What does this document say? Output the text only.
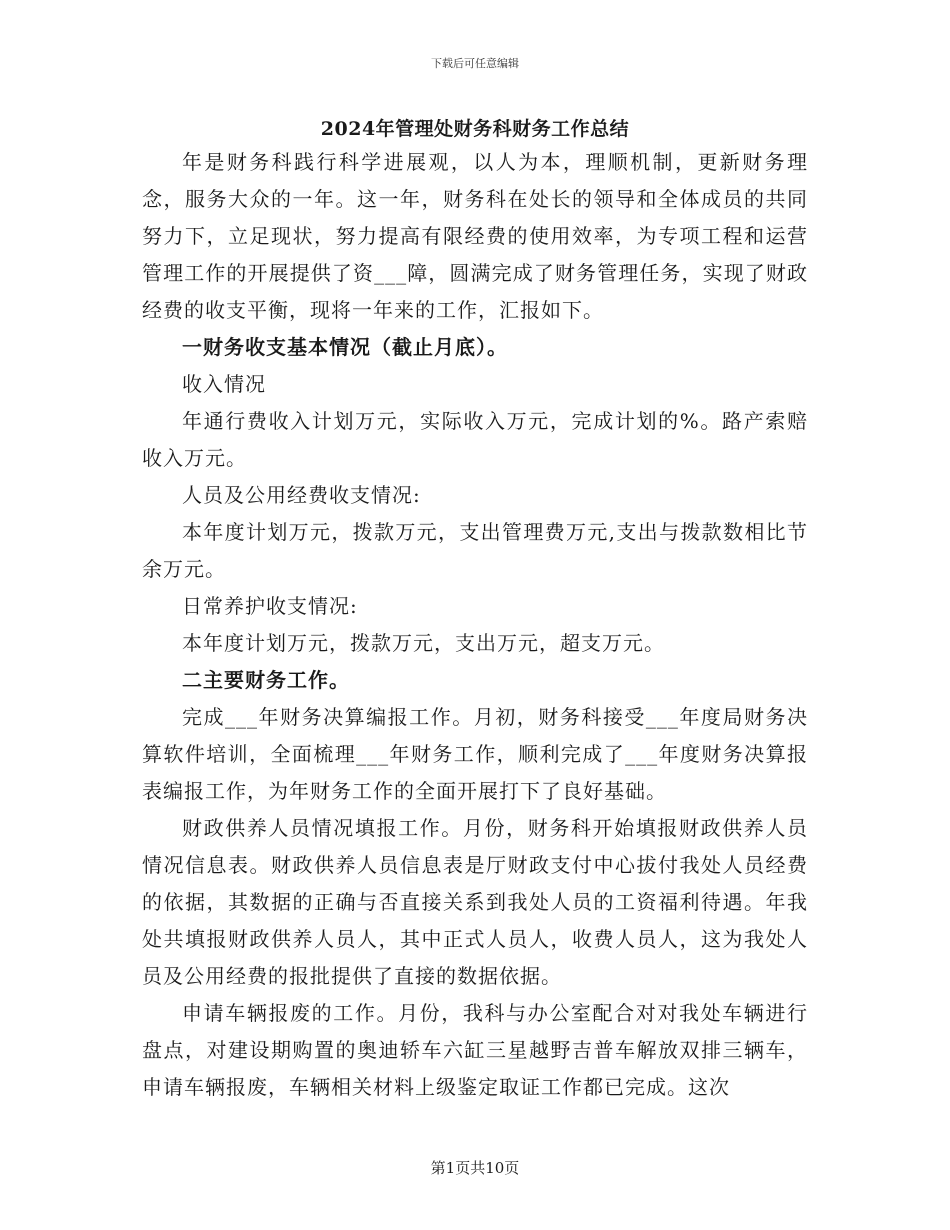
下载后可任意编辑
2024年管理处财务科财务工作总结

年是财务科践行科学进展观，以人为本，理顺机制，更新财务理念，服务大众的一年。这一年，财务科在处长的领导和全体成员的共同努力下，立足现状，努力提高有限经费的使用效率，为专项工程和运营管理工作的开展提供了资___障，圆满完成了财务管理任务，实现了财政经费的收支平衡，现将一年来的工作，汇报如下。

一财务收支基本情况（截止月底）。

收入情况

年通行费收入计划万元，实际收入万元，完成计划的%。路产索赔收入万元。

人员及公用经费收支情况:

本年度计划万元，拨款万元，支出管理费万元,支出与拨款数相比节余万元。

日常养护收支情况:

本年度计划万元，拨款万元，支出万元，超支万元。

二主要财务工作。

完成___年财务决算编报工作。月初，财务科接受___年度局财务决算软件培训，全面梳理___年财务工作，顺利完成了___年度财务决算报表编报工作，为年财务工作的全面开展打下了良好基础。

财政供养人员情况填报工作。月份，财务科开始填报财政供养人员情况信息表。财政供养人员信息表是厅财政支付中心拔付我处人员经费的依据，其数据的正确与否直接关系到我处人员的工资福利待遇。年我处共填报财政供养人员人，其中正式人员人，收费人员人，这为我处人员及公用经费的报批提供了直接的数据依据。

申请车辆报废的工作。月份，我科与办公室配合对对我处车辆进行盘点，对建设期购置的奥迪轿车六缸三星越野吉普车解放双排三辆车，申请车辆报废，车辆相关材料上级鉴定取证工作都已完成。这次

第1页共10页
